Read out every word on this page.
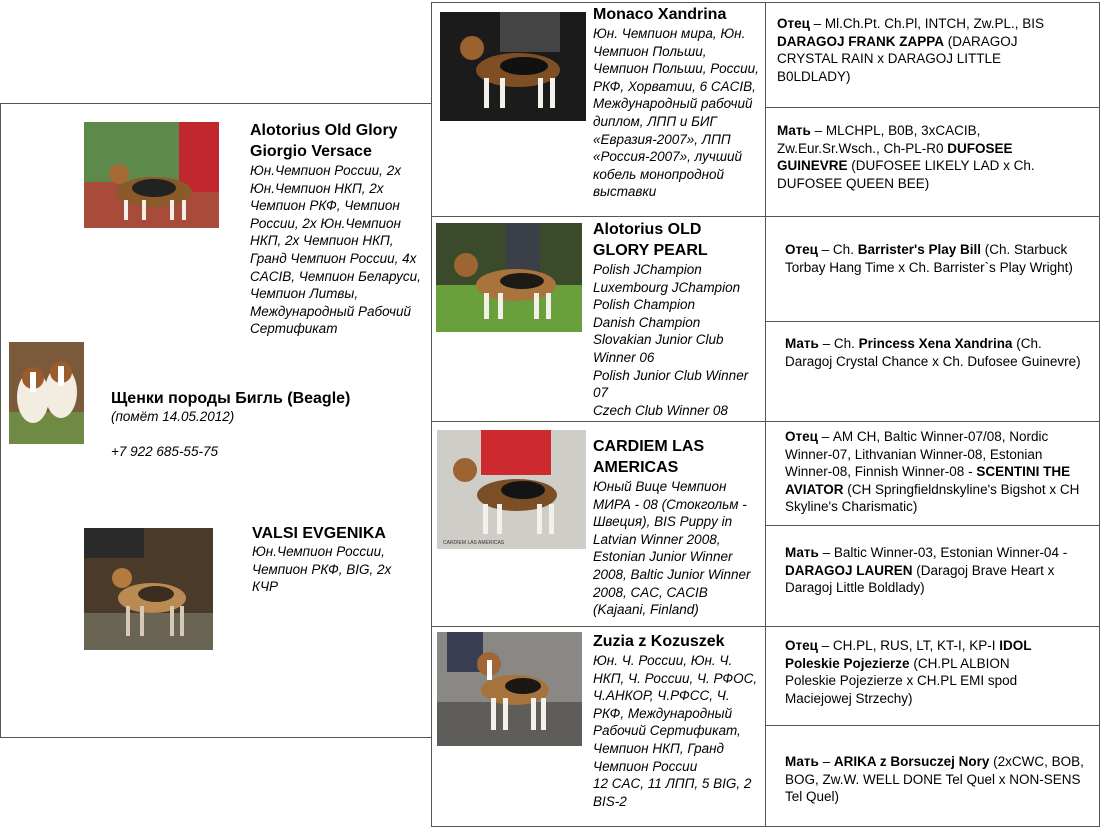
Alotorius Old Glory Giorgio Versace
Юн.Чемпион России, 2х Юн.Чемпион НКП, 2х Чемпион РКФ, Чемпион России, 2х Юн.Чемпион НКП, 2х Чемпион НКП, Гранд Чемпион России, 4х CACIB, Чемпион Беларуси, Чемпион Литвы, Международный Рабочий Сертификат
Щенки породы Бигль (Beagle)
(помёт 14.05.2012)
+7 922 685-55-75
VALSI EVGENIKA
Юн.Чемпион России, Чемпион РКФ, BIG, 2х КЧР
Monaco Xandrina
Юн. Чемпион мира, Юн. Чемпион Польши, Чемпион Польши, России, РКФ, Хорватии, 6 CACIB, Международный рабочий диплом, ЛПП и БИГ «Евразия-2007», ЛПП «Россия-2007», лучший кобель монопродной выставки
Alotorius OLD GLORY PEARL
Polish JChampion
Luxembourg JChampion
Polish Champion
Danish Champion
Slovakian Junior Club Winner 06
Polish Junior Club Winner 07
Czech Club Winner 08
CARDIEM LAS AMERICAS
CARDIEM LAS AMERICAS
Юный Вице Чемпион МИРА - 08 (Стокгольм - Швеция), BIS Puppy in Latvian Winner 2008, Estonian Junior Winner 2008, Baltic Junior Winner 2008, CAC, CACIB (Kajaani, Finland)
Zuzia z Kozuszek
Юн. Ч. России, Юн. Ч. НКП, Ч. России, Ч. РФОС, Ч.АНКОР, Ч.РФСС, Ч. РКФ, Международный Рабочий Сертификат, Чемпион НКП, Гранд Чемпион России
12 CAC, 11 ЛПП, 5 BIG, 2 BIS-2
Отец – Ml.Ch.Pt. Ch.Pl, INTCH, Zw.PL., BIS DARAGOJ FRANK ZAPPA (DARAGOJ CRYSTAL RAIN x DARAGOJ LITTLE B0LDLADY)
Мать – MLCHPL, B0B, 3xCACIB, Zw.Eur.Sr.Wsch., Ch-PL-R0 DUFOSEE GUINEVRE (DUFOSEE LIKELY LAD x Ch. DUFOSEE QUEEN BEE)
Отец – Ch. Barrister's Play Bill (Ch. Starbuck Torbay Hang Time x Ch. Barrister`s Play Wright)
Мать – Ch. Princess Xena Xandrina (Ch. Daragoj Crystal Chance x Ch. Dufosee Guinevre)
Отец – AM CH, Baltic Winner-07/08, Nordic Winner-07, Lithvanian Winner-08, Estonian Winner-08, Finnish Winner-08 - SCENTINI THE AVIATOR (CH Springfieldnskyline's Bigshot x CH Skyline's Charismatic)
Мать – Baltic Winner-03, Estonian Winner-04 - DARAGOJ LAUREN (Daragoj Brave Heart x Daragoj Little Boldlady)
Отец – CH.PL, RUS, LT, KT-I, KP-I IDOL Poleskie Pojezierze (CH.PL ALBION Poleskie Pojezierze x CH.PL EMI spod Maciejowej Strzechy)
Мать – ARIKA z Borsuczej Nory (2xCWC, BOB, BOG, Zw.W. WELL DONE Tel Quel x NON-SENS Tel Quel)
